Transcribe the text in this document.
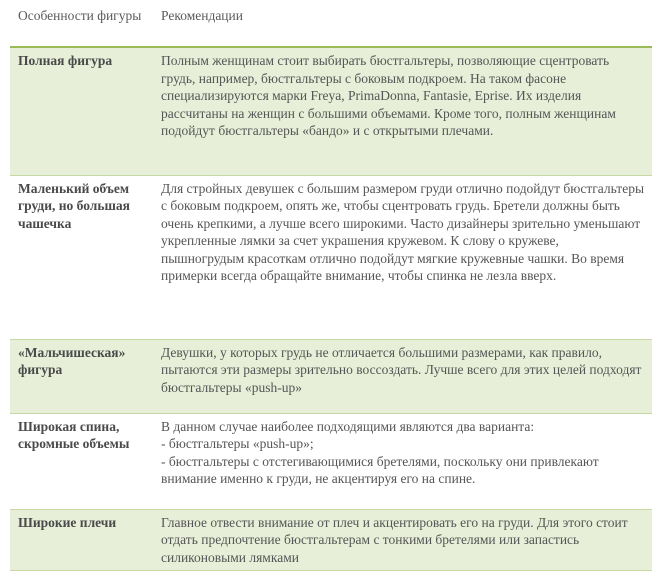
Особенности фигуры	Рекомендации
Полная фигура	Полным женщинам стоит выбирать бюстгальтеры, позволяющие сцентровать грудь, например, бюстгальтеры с боковым подкроем. На таком фасоне специализируются марки Freya, PrimaDonna, Fantasie, Eprise. Их изделия рассчитаны на женщин с большими объемами. Кроме того, полным женщинам подойдут бюстгальтеры «бандо» и с открытыми плечами.
Маленький объем груди, но большая чашечка	Для стройных девушек с большим размером груди отлично подойдут бюстгальтеры с боковым подкроем, опять же, чтобы сцентровать грудь. Бретели должны быть очень крепкими, а лучше всего широкими. Часто дизайнеры зрительно уменьшают укрепленные лямки за счет украшения кружевом. К слову о кружеве, пышногрудым красоткам отлично подойдут мягкие кружевные чашки. Во время примерки всегда обращайте внимание, чтобы спинка не лезла вверх.
«Мальчишеская» фигура	Девушки, у которых грудь не отличается большими размерами, как правило, пытаются эти размеры зрительно воссоздать. Лучше всего для этих целей подходят бюстгальтеры «push-up»
Широкая спина, скромные объемы	В данном случае наиболее подходящими являются два варианта:
- бюстгальтеры «push-up»;
- бюстгальтеры с отстегивающимися бретелями, поскольку они привлекают внимание именно к груди, не акцентируя его на спине.

Широкие плечи	Главное отвести внимание от плеч и акцентировать его на груди. Для этого стоит отдать предпочтение бюстгальтерам с тонкими бретелями или запастись силиконовыми лямками
